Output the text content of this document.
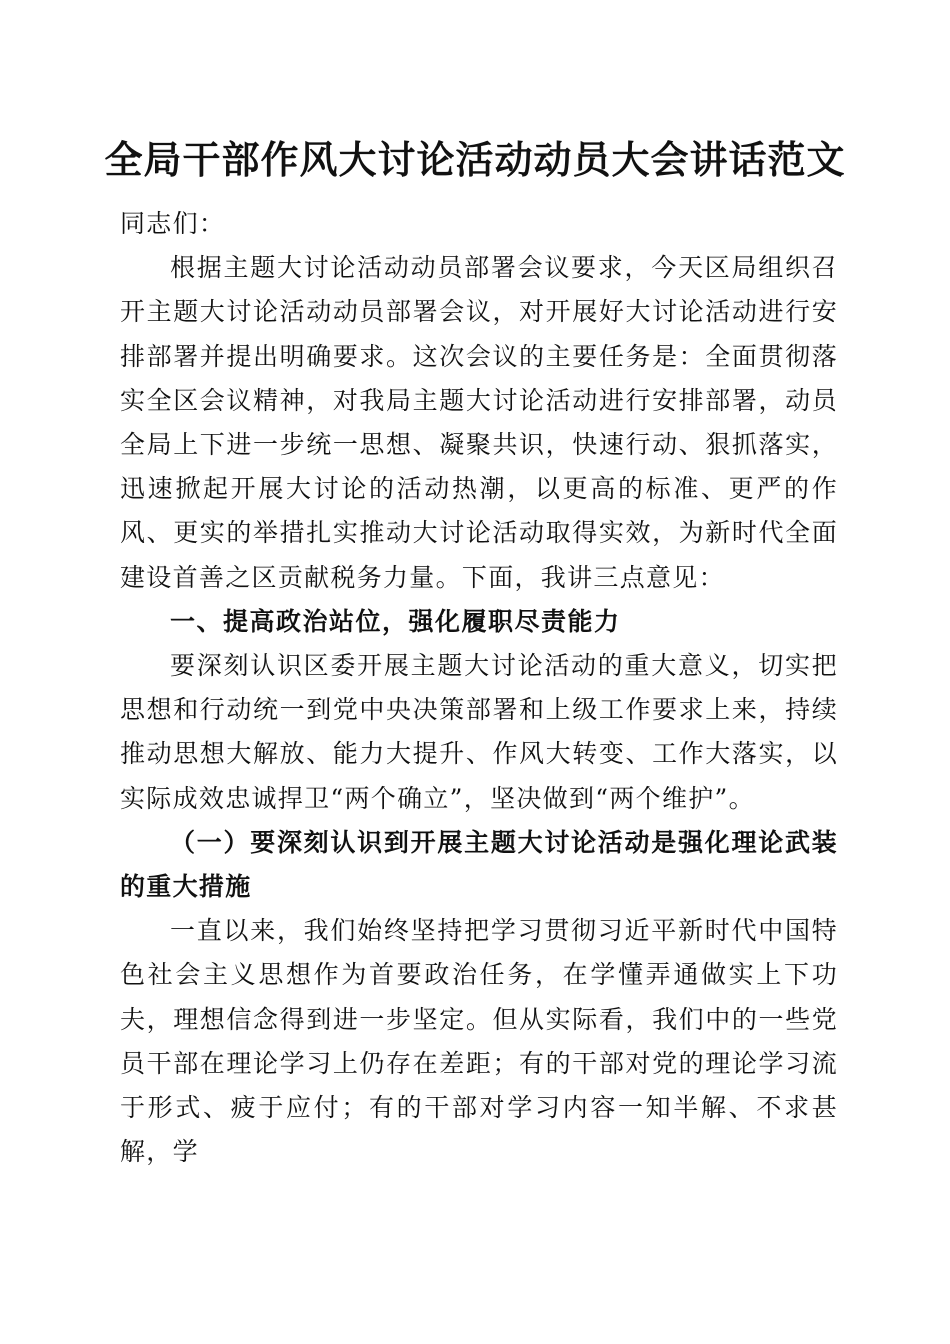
全局干部作风大讨论活动动员大会讲话范文

同志们：

根据主题大讨论活动动员部署会议要求，今天区局组织召开主题大讨论活动动员部署会议，对开展好大讨论活动进行安排部署并提出明确要求。这次会议的主要任务是：全面贯彻落实全区会议精神，对我局主题大讨论活动进行安排部署，动员全局上下进一步统一思想、凝聚共识，快速行动、狠抓落实，迅速掀起开展大讨论的活动热潮，以更高的标准、更严的作风、更实的举措扎实推动大讨论活动取得实效，为新时代全面建设首善之区贡献税务力量。下面，我讲三点意见：

一、提高政治站位，强化履职尽责能力

要深刻认识区委开展主题大讨论活动的重大意义，切实把思想和行动统一到党中央决策部署和上级工作要求上来，持续推动思想大解放、能力大提升、作风大转变、工作大落实，以实际成效忠诚捍卫“两个确立”，坚决做到“两个维护”。

（一）要深刻认识到开展主题大讨论活动是强化理论武装的重大措施

一直以来，我们始终坚持把学习贯彻习近平新时代中国特色社会主义思想作为首要政治任务，在学懂弄通做实上下功夫，理想信念得到进一步坚定。但从实际看，我们中的一些党员干部在理论学习上仍存在差距；有的干部对党的理论学习流于形式、疲于应付；有的干部对学习内容一知半解、不求甚解，学
